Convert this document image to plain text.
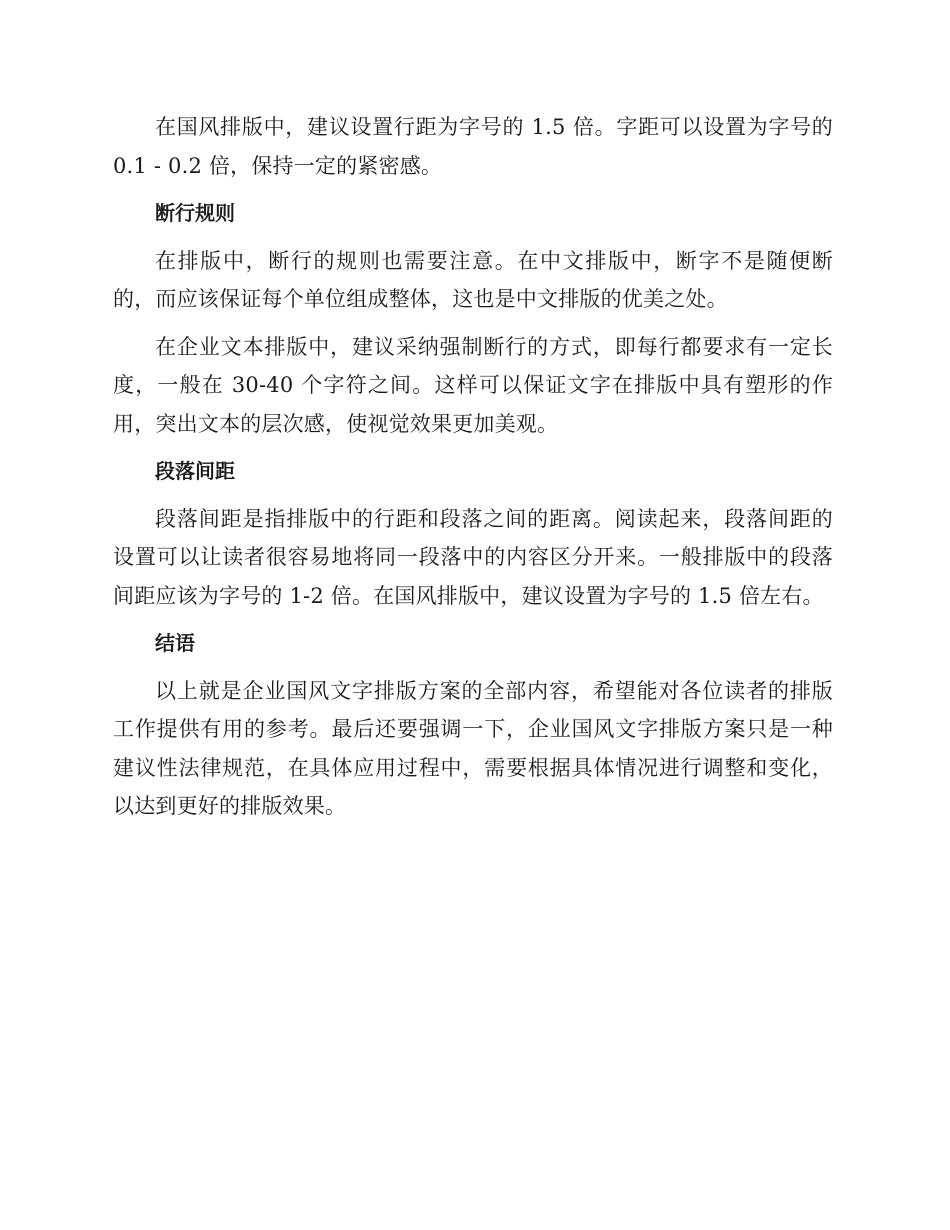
在国风排版中，建议设置行距为字号的 1.5 倍。字距可以设置为字号的 0.1 - 0.2 倍，保持一定的紧密感。

断行规则

在排版中，断行的规则也需要注意。在中文排版中，断字不是随便断的，而应该保证每个单位组成整体，这也是中文排版的优美之处。

在企业文本排版中，建议采纳强制断行的方式，即每行都要求有一定长度，一般在 30-40 个字符之间。这样可以保证文字在排版中具有塑形的作用，突出文本的层次感，使视觉效果更加美观。

段落间距

段落间距是指排版中的行距和段落之间的距离。阅读起来，段落间距的设置可以让读者很容易地将同一段落中的内容区分开来。一般排版中的段落间距应该为字号的 1-2 倍。在国风排版中，建议设置为字号的 1.5 倍左右。

结语

以上就是企业国风文字排版方案的全部内容，希望能对各位读者的排版工作提供有用的参考。最后还要强调一下，企业国风文字排版方案只是一种建议性法律规范，在具体应用过程中，需要根据具体情况进行调整和变化，以达到更好的排版效果。
